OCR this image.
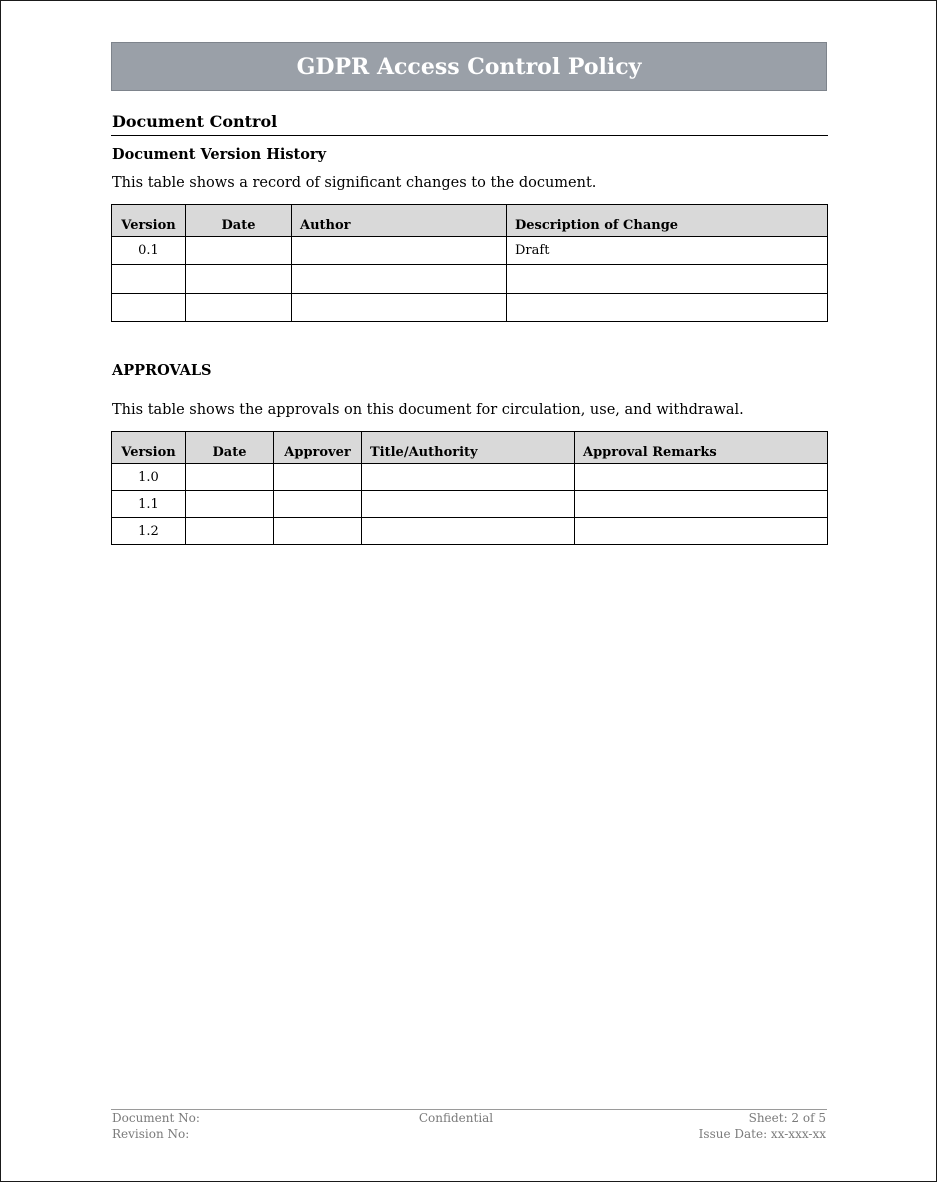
GDPR Access Control Policy
Document Control
Document Version History
This table shows a record of significant changes to the document.
Version	Date	Author	Description of Change
0.1			Draft

APPROVALS
This table shows the approvals on this document for circulation, use, and withdrawal.
Version	Date	Approver	Title/Authority	Approval Remarks
1.0				
1.1				
1.2				
Document No:
Revision No:
Confidential	Sheet: 2 of 5
Issue Date: xx-xxx-xx
